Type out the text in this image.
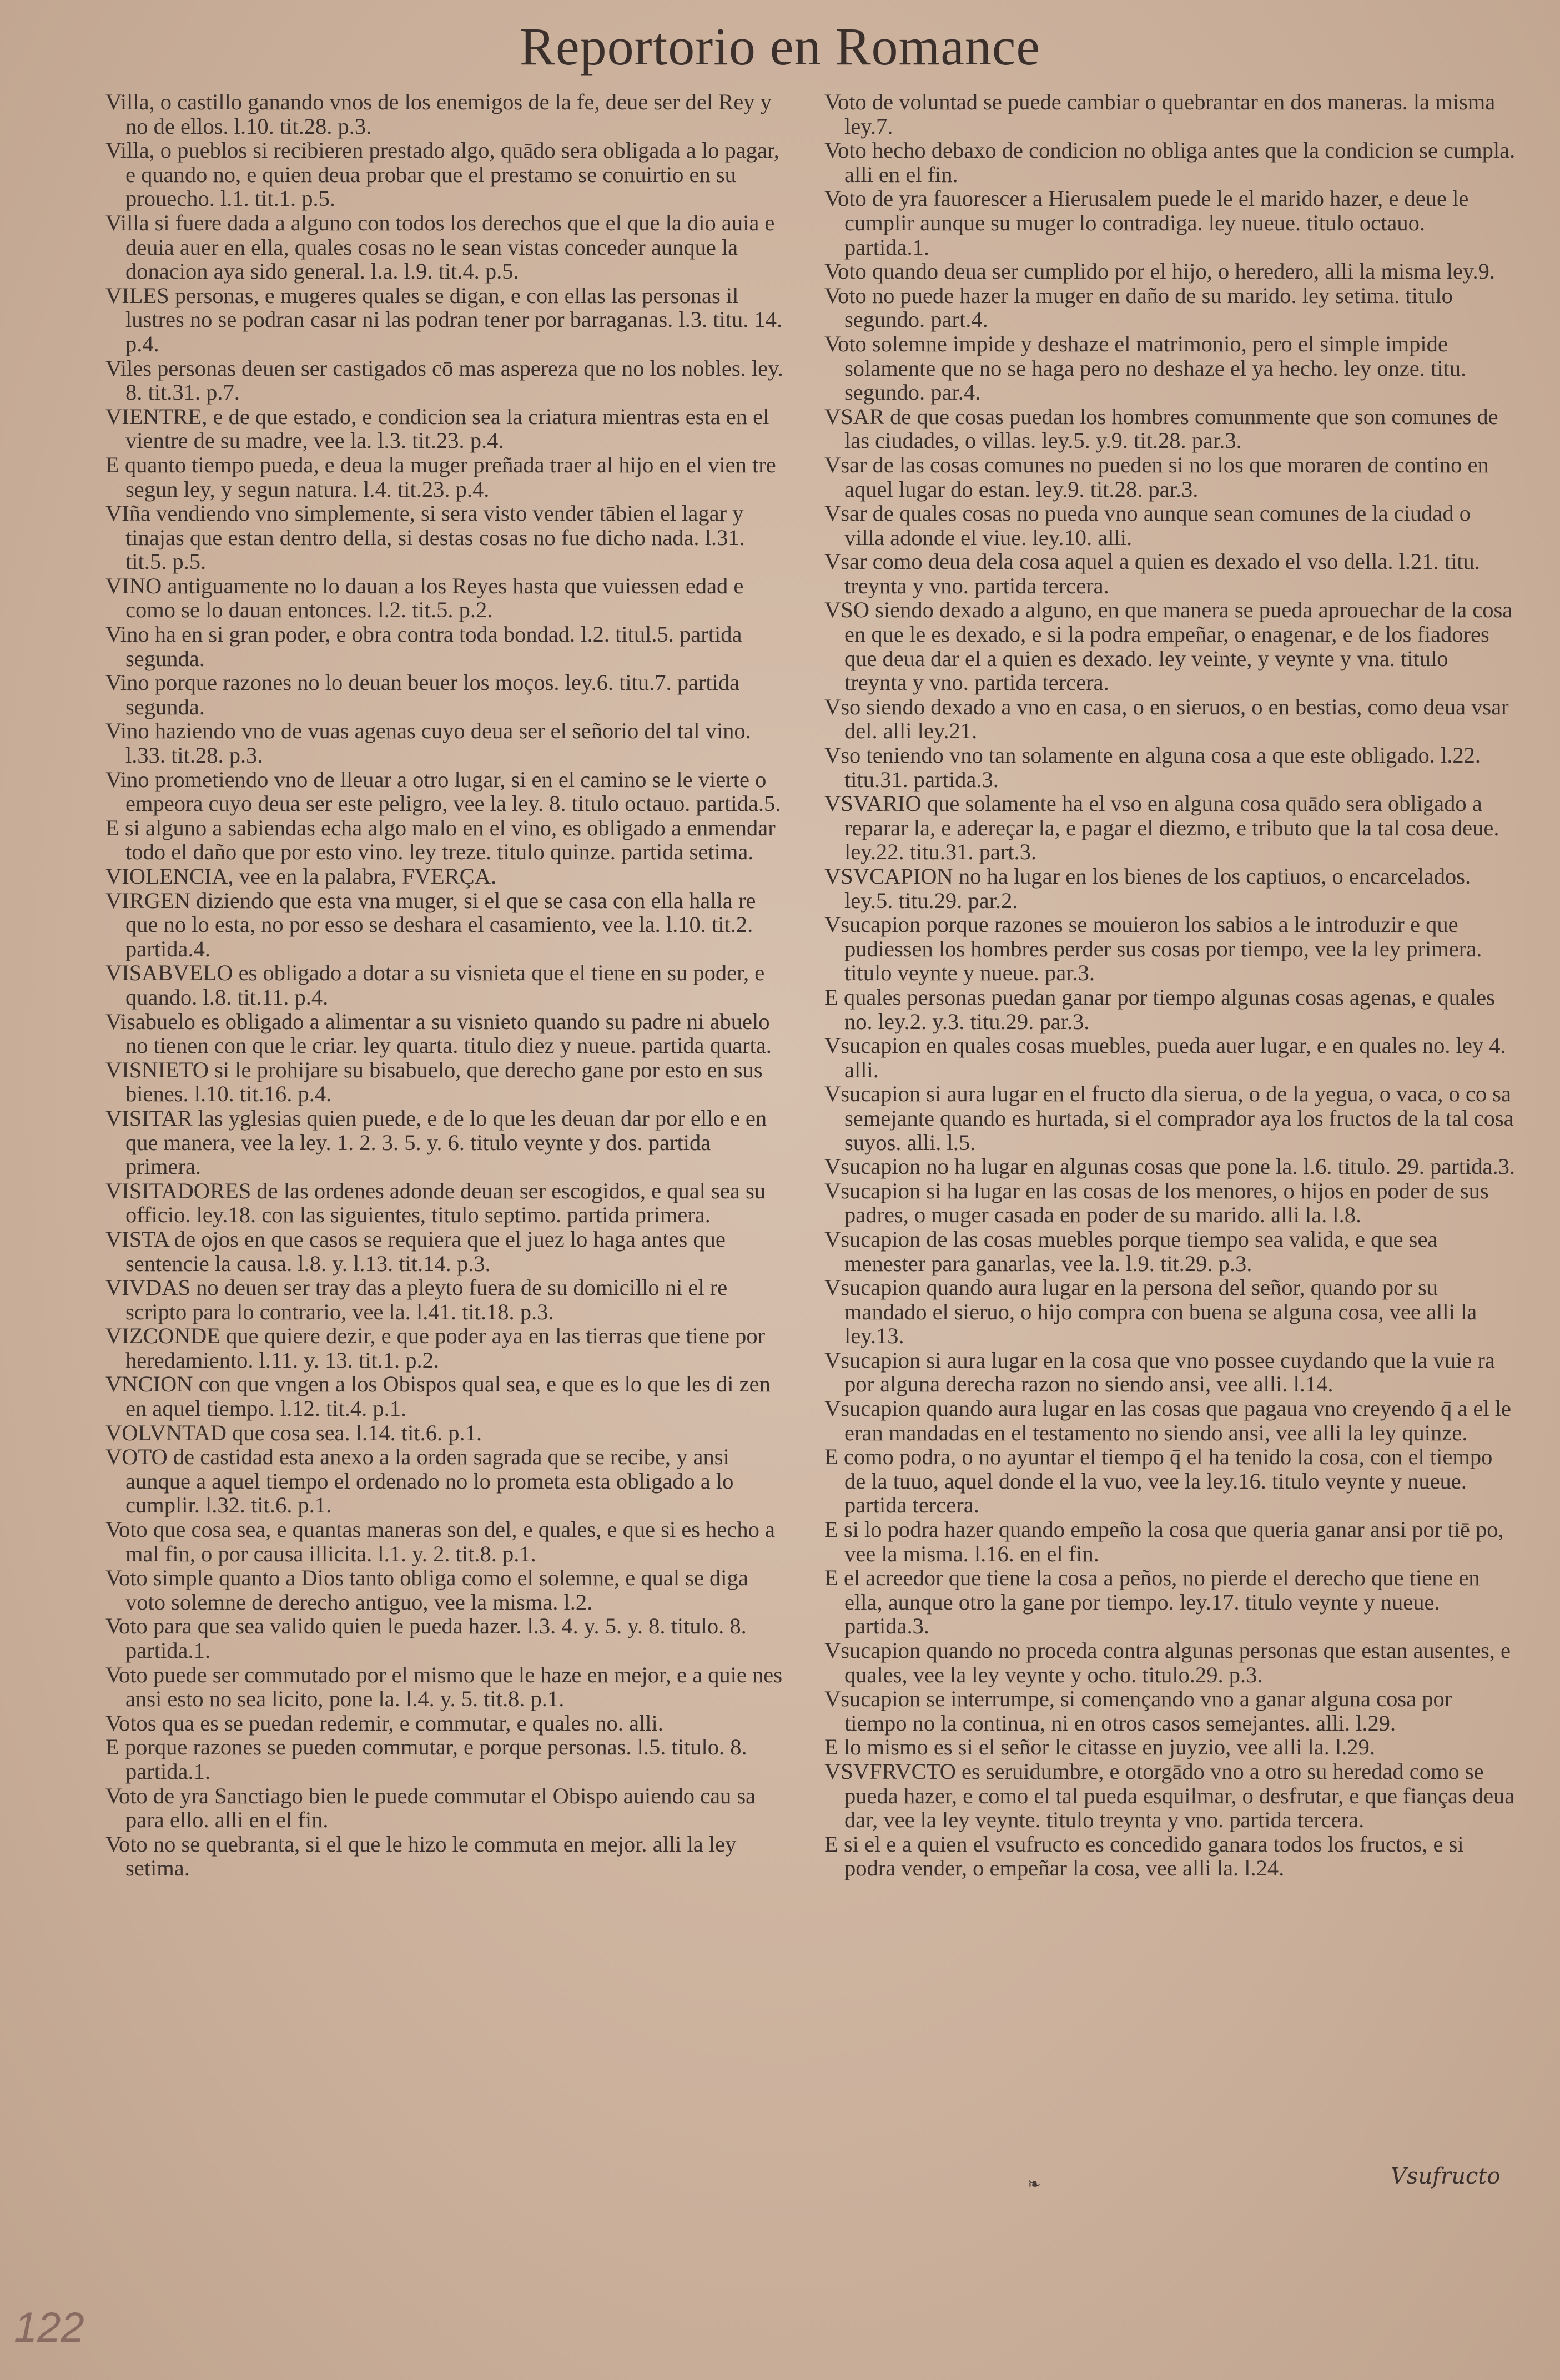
Reportorio en Romance

Villa, o castillo ganando vnos de los enemigos de la fe, deue ser del Rey y no de ellos. l.10. tit.28. p.3.

Villa, o pueblos si recibieren prestado algo, quādo sera obligada a lo pagar, e quando no, e quien deua probar que el prestamo se conuirtio en su prouecho. l.1. tit.1. p.5.

Villa si fuere dada a alguno con todos los derechos que el que la dio auia e deuia auer en ella, quales cosas no le sean vistas conceder aunque la donacion aya sido general. l.a. l.9. tit.4. p.5.

VILES personas, e mugeres quales se digan, e con ellas las personas il lustres no se podran casar ni las podran tener por barraganas. l.3. titu. 14. p.4.

Viles personas deuen ser castigados cō mas aspereza que no los nobles. ley. 8. tit.31. p.7.

VIENTRE, e de que estado, e condicion sea la criatura mientras esta en el vientre de su madre, vee la. l.3. tit.23. p.4.

E quanto tiempo pueda, e deua la muger preñada traer al hijo en el vien tre segun ley, y segun natura. l.4. tit.23. p.4.

VIña vendiendo vno simplemente, si sera visto vender tābien el lagar y tinajas que estan dentro della, si destas cosas no fue dicho nada. l.31. tit.5. p.5.

VINO antiguamente no lo dauan a los Reyes hasta que vuiessen edad e como se lo dauan entonces. l.2. tit.5. p.2.

Vino ha en si gran poder, e obra contra toda bondad. l.2. titul.5. partida segunda.

Vino porque razones no lo deuan beuer los moços. ley.6. titu.7. partida segunda.

Vino haziendo vno de vuas agenas cuyo deua ser el señorio del tal vino. l.33. tit.28. p.3.

Vino prometiendo vno de lleuar a otro lugar, si en el camino se le vierte o empeora cuyo deua ser este peligro, vee la ley. 8. titulo octauo. partida.5.

E si alguno a sabiendas echa algo malo en el vino, es obligado a enmendar todo el daño que por esto vino. ley treze. titulo quinze. partida setima.

VIOLENCIA, vee en la palabra, FVERÇA.

VIRGEN diziendo que esta vna muger, si el que se casa con ella halla re que no lo esta, no por esso se deshara el casamiento, vee la. l.10. tit.2. partida.4.

VISABVELO es obligado a dotar a su visnieta que el tiene en su poder, e quando. l.8. tit.11. p.4.

Visabuelo es obligado a alimentar a su visnieto quando su padre ni abuelo no tienen con que le criar. ley quarta. titulo diez y nueue. partida quarta.

VISNIETO si le prohijare su bisabuelo, que derecho gane por esto en sus bienes. l.10. tit.16. p.4.

VISITAR las yglesias quien puede, e de lo que les deuan dar por ello e en que manera, vee la ley. 1. 2. 3. 5. y. 6. titulo veynte y dos. partida primera.

VISITADORES de las ordenes adonde deuan ser escogidos, e qual sea su officio. ley.18. con las siguientes, titulo septimo. partida primera.

VISTA de ojos en que casos se requiera que el juez lo haga antes que sentencie la causa. l.8. y. l.13. tit.14. p.3.

VIVDAS no deuen ser tray das a pleyto fuera de su domicillo ni el re scripto para lo contrario, vee la. l.41. tit.18. p.3.

VIZCONDE que quiere dezir, e que poder aya en las tierras que tiene por heredamiento. l.11. y. 13. tit.1. p.2.

VNCION con que vngen a los Obispos qual sea, e que es lo que les di zen en aquel tiempo. l.12. tit.4. p.1.

VOLVNTAD que cosa sea. l.14. tit.6. p.1.

VOTO de castidad esta anexo a la orden sagrada que se recibe, y ansi aunque a aquel tiempo el ordenado no lo prometa esta obligado a lo cumplir. l.32. tit.6. p.1.

Voto que cosa sea, e quantas maneras son del, e quales, e que si es hecho a mal fin, o por causa illicita. l.1. y. 2. tit.8. p.1.

Voto simple quanto a Dios tanto obliga como el solemne, e qual se diga voto solemne de derecho antiguo, vee la misma. l.2.

Voto para que sea valido quien le pueda hazer. l.3. 4. y. 5. y. 8. titulo. 8. partida.1.

Voto puede ser commutado por el mismo que le haze en mejor, e a quie nes ansi esto no sea licito, pone la. l.4. y. 5. tit.8. p.1.

Votos qua es se puedan redemir, e commutar, e quales no. alli.

E porque razones se pueden commutar, e porque personas. l.5. titulo. 8. partida.1.

Voto de yra Sanctiago bien le puede commutar el Obispo auiendo cau sa para ello. alli en el fin.

Voto no se quebranta, si el que le hizo le commuta en mejor. alli la ley setima.

Voto de voluntad se puede cambiar o quebrantar en dos maneras. la misma ley.7.

Voto hecho debaxo de condicion no obliga antes que la condicion se cumpla. alli en el fin.

Voto de yra fauorescer a Hierusalem puede le el marido hazer, e deue le cumplir aunque su muger lo contradiga. ley nueue. titulo octauo. partida.1.

Voto quando deua ser cumplido por el hijo, o heredero, alli la misma ley.9.

Voto no puede hazer la muger en daño de su marido. ley setima. titulo segundo. part.4.

Voto solemne impide y deshaze el matrimonio, pero el simple impide solamente que no se haga pero no deshaze el ya hecho. ley onze. titu. segundo. par.4.

VSAR de que cosas puedan los hombres comunmente que son comunes de las ciudades, o villas. ley.5. y.9. tit.28. par.3.

Vsar de las cosas comunes no pueden si no los que moraren de contino en aquel lugar do estan. ley.9. tit.28. par.3.

Vsar de quales cosas no pueda vno aunque sean comunes de la ciudad o villa adonde el viue. ley.10. alli.

Vsar como deua dela cosa aquel a quien es dexado el vso della. l.21. titu. treynta y vno. partida tercera.

VSO siendo dexado a alguno, en que manera se pueda aprouechar de la cosa en que le es dexado, e si la podra empeñar, o enagenar, e de los fiadores que deua dar el a quien es dexado. ley veinte, y veynte y vna. titulo treynta y vno. partida tercera.

Vso siendo dexado a vno en casa, o en sieruos, o en bestias, como deua vsar del. alli ley.21.

Vso teniendo vno tan solamente en alguna cosa a que este obligado. l.22. titu.31. partida.3.

VSVARIO que solamente ha el vso en alguna cosa quādo sera obligado a reparar la, e adereçar la, e pagar el diezmo, e tributo que la tal cosa deue. ley.22. titu.31. part.3.

VSVCAPION no ha lugar en los bienes de los captiuos, o encarcelados. ley.5. titu.29. par.2.

Vsucapion porque razones se mouieron los sabios a le introduzir e que pudiessen los hombres perder sus cosas por tiempo, vee la ley primera. titulo veynte y nueue. par.3.

E quales personas puedan ganar por tiempo algunas cosas agenas, e quales no. ley.2. y.3. titu.29. par.3.

Vsucapion en quales cosas muebles, pueda auer lugar, e en quales no. ley 4. alli.

Vsucapion si aura lugar en el fructo dla sierua, o de la yegua, o vaca, o co sa semejante quando es hurtada, si el comprador aya los fructos de la tal cosa suyos. alli. l.5.

Vsucapion no ha lugar en algunas cosas que pone la. l.6. titulo. 29. partida.3.

Vsucapion si ha lugar en las cosas de los menores, o hijos en poder de sus padres, o muger casada en poder de su marido. alli la. l.8.

Vsucapion de las cosas muebles porque tiempo sea valida, e que sea menester para ganarlas, vee la. l.9. tit.29. p.3.

Vsucapion quando aura lugar en la persona del señor, quando por su mandado el sieruo, o hijo compra con buena se alguna cosa, vee alli la ley.13.

Vsucapion si aura lugar en la cosa que vno possee cuydando que la vuie ra por alguna derecha razon no siendo ansi, vee alli. l.14.

Vsucapion quando aura lugar en las cosas que pagaua vno creyendo q̄ a el le eran mandadas en el testamento no siendo ansi, vee alli la ley quinze.

E como podra, o no ayuntar el tiempo q̄ el ha tenido la cosa, con el tiempo de la tuuo, aquel donde el la vuo, vee la ley.16. titulo veynte y nueue. partida tercera.

E si lo podra hazer quando empeño la cosa que queria ganar ansi por tiē po, vee la misma. l.16. en el fin.

E el acreedor que tiene la cosa a peños, no pierde el derecho que tiene en ella, aunque otro la gane por tiempo. ley.17. titulo veynte y nueue. partida.3.

Vsucapion quando no proceda contra algunas personas que estan ausentes, e quales, vee la ley veynte y ocho. titulo.29. p.3.

Vsucapion se interrumpe, si començando vno a ganar alguna cosa por tiempo no la continua, ni en otros casos semejantes. alli. l.29.

E lo mismo es si el señor le citasse en juyzio, vee alli la. l.29.

VSVFRVCTO es seruidumbre, e otorgādo vno a otro su heredad como se pueda hazer, e como el tal pueda esquilmar, o desfrutar, e que fianças deua dar, vee la ley veynte. titulo treynta y vno. partida tercera.

E si el e a quien el vsufructo es concedido ganara todos los fructos, e si podra vender, o empeñar la cosa, vee alli la. l.24.

❧	Vsufructo
122
